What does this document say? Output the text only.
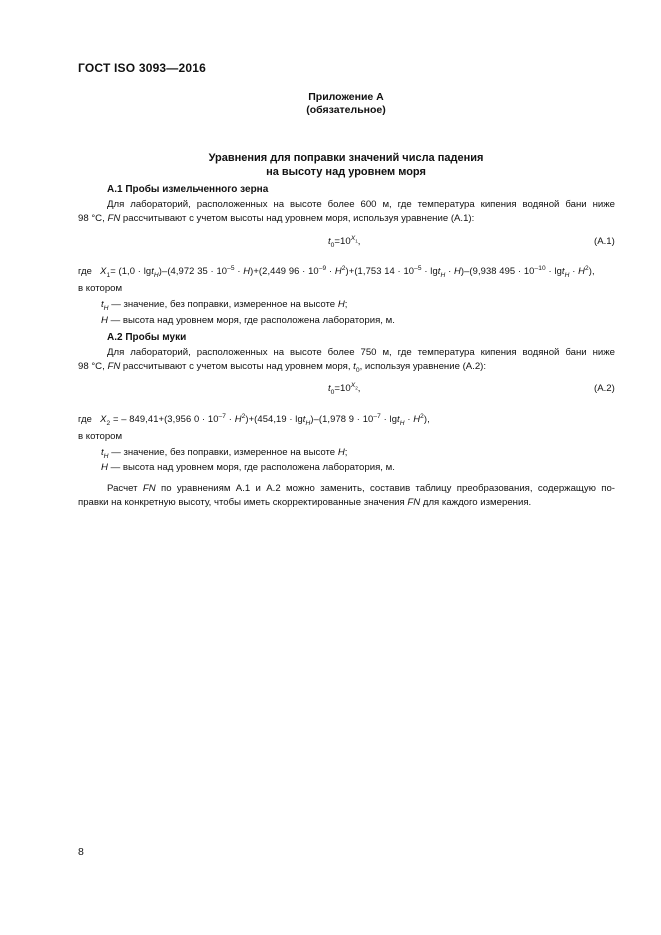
ГОСТ ISO 3093—2016
Приложение А
(обязательное)
Уравнения для поправки значений числа падения
на высоту над уровнем моря
А.1 Пробы измельченного зерна
Для лабораторий, расположенных на высоте более 600 м, где температура кипения водяной бани ниже
98 °С, FN рассчитывают с учетом высоты над уровнем моря, используя уравнение (А.1):
$t_0=10^{X_1}$,	(А.1)
где $X_1= (1,0 \cdot \lg t_H)-(4,972$ $35 \cdot 10^{-5} \cdot H)+(2,449$ $96 \cdot 10^{-9} \cdot H^2)+(1,753$ $14 \cdot 10^{-5} \cdot \lg t_H \cdot H)-(9,938$ $495 \cdot 10^{-10} \cdot \lg t_H \cdot H^2$),
в котором
$t_H$ — значение, без поправки, измеренное на высоте H;
H — высота над уровнем моря, где расположена лаборатория, м.
А.2 Пробы муки
Для лабораторий, расположенных на высоте более 750 м, где температура кипения водяной бани ниже
98 °С, FN рассчитывают с учетом высоты над уровнем моря, $t_0$, используя уравнение (А.2):
$t_0=10^{X_2}$,	(А.2)
где $X_2$ = – 849,41+(3,956 $0 \cdot 10^{-7} \cdot H^2)+(454,19 \cdot \lg t_H)-(1,978$ $9 \cdot 10^{-7} \cdot \lg t_H \cdot H^2$),
в котором
$t_H$ — значение, без поправки, измеренное на высоте H;
H — высота над уровнем моря, где расположена лаборатория, м.
Расчет FN по уравнениям А.1 и А.2 можно заменить, составив таблицу преобразования, содержащую по-
правки на конкретную высоту, чтобы иметь скорректированные значения FN для каждого измерения.
8
